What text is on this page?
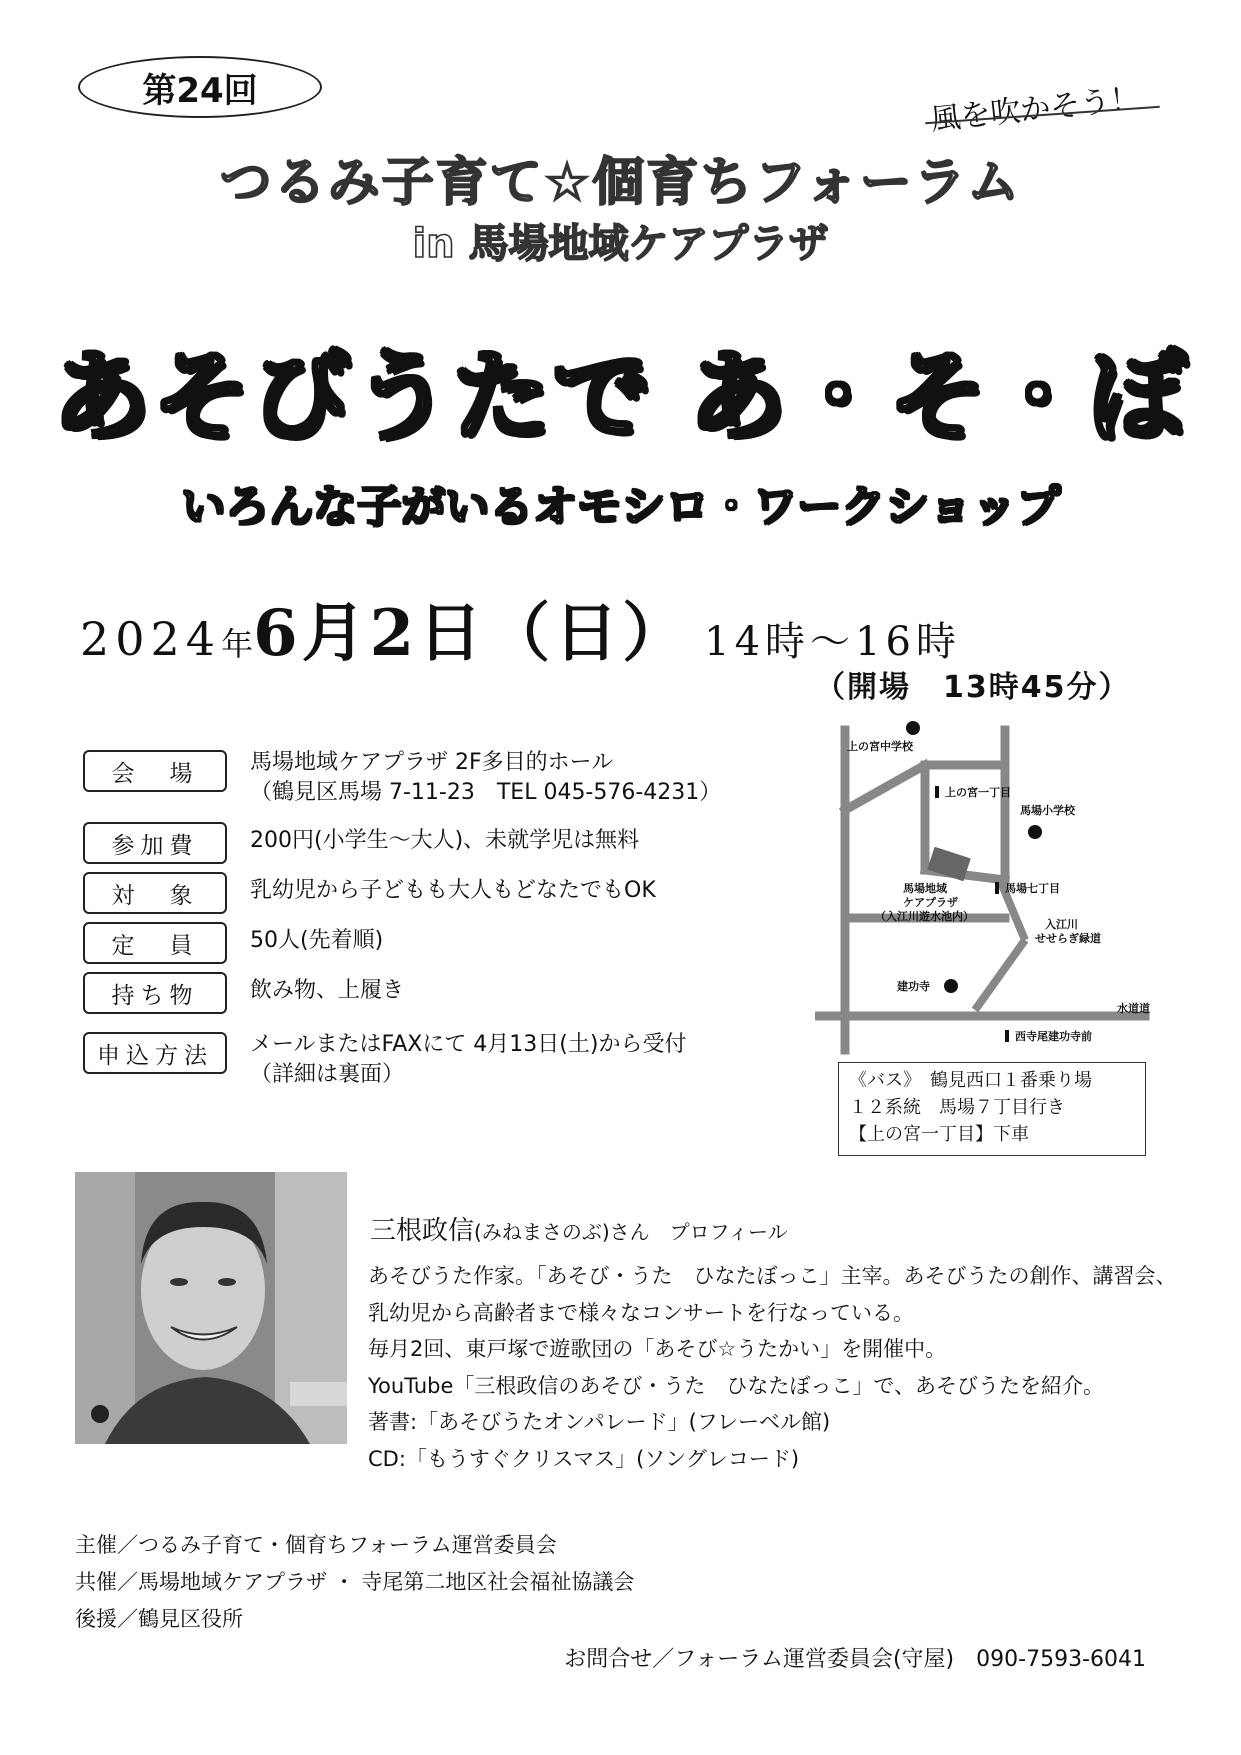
第24回	風を吹かそう！
つるみ子育て☆個育ちフォーラム
in 馬場地域ケアプラザ
あそびうたで あ・そ・ぼ
いろんな子がいるオモシロ・ワークショップ
2024年6月2日（日） 14時～16時
（開場　13時45分）
会　場	馬場地域ケアプラザ 2F多目的ホール
（鶴見区馬場 7-11-23　TEL 045-576-4231）
参加費	200円(小学生～大人)、未就学児は無料
対　象	乳幼児から子どもも大人もどなたでもOK
定　員	50人(先着順)
持ち物	飲み物、上履き
申込方法	メールまたはFAXにて 4月13日(土)から受付
（詳細は裏面）
上の宮中学校
上の宮一丁目
馬場小学校
馬場地域
ケアプラザ
（入江川遊水池内）
馬場七丁目
入江川
せせらぎ緑道
建功寺
水道道
西寺尾建功寺前
《バス》　鶴見西口１番乗り場
１２系統　馬場７丁目行き
【上の宮一丁目】下車
三根政信(みねまさのぶ)さん　プロフィール
あそびうた作家。「あそび・うた　ひなたぼっこ」主宰。あそびうたの創作、講習会、
乳幼児から高齢者まで様々なコンサートを行なっている。
毎月2回、東戸塚で遊歌団の「あそび☆うたかい」を開催中。
YouTube「三根政信のあそび・うた　ひなたぼっこ」で、あそびうたを紹介。
著書:「あそびうたオンパレード」(フレーベル館)
CD:「もうすぐクリスマス」(ソングレコード)
主催／つるみ子育て・個育ちフォーラム運営委員会
共催／馬場地域ケアプラザ ・ 寺尾第二地区社会福祉協議会
後援／鶴見区役所
お問合せ／フォーラム運営委員会(守屋)　090-7593-6041
